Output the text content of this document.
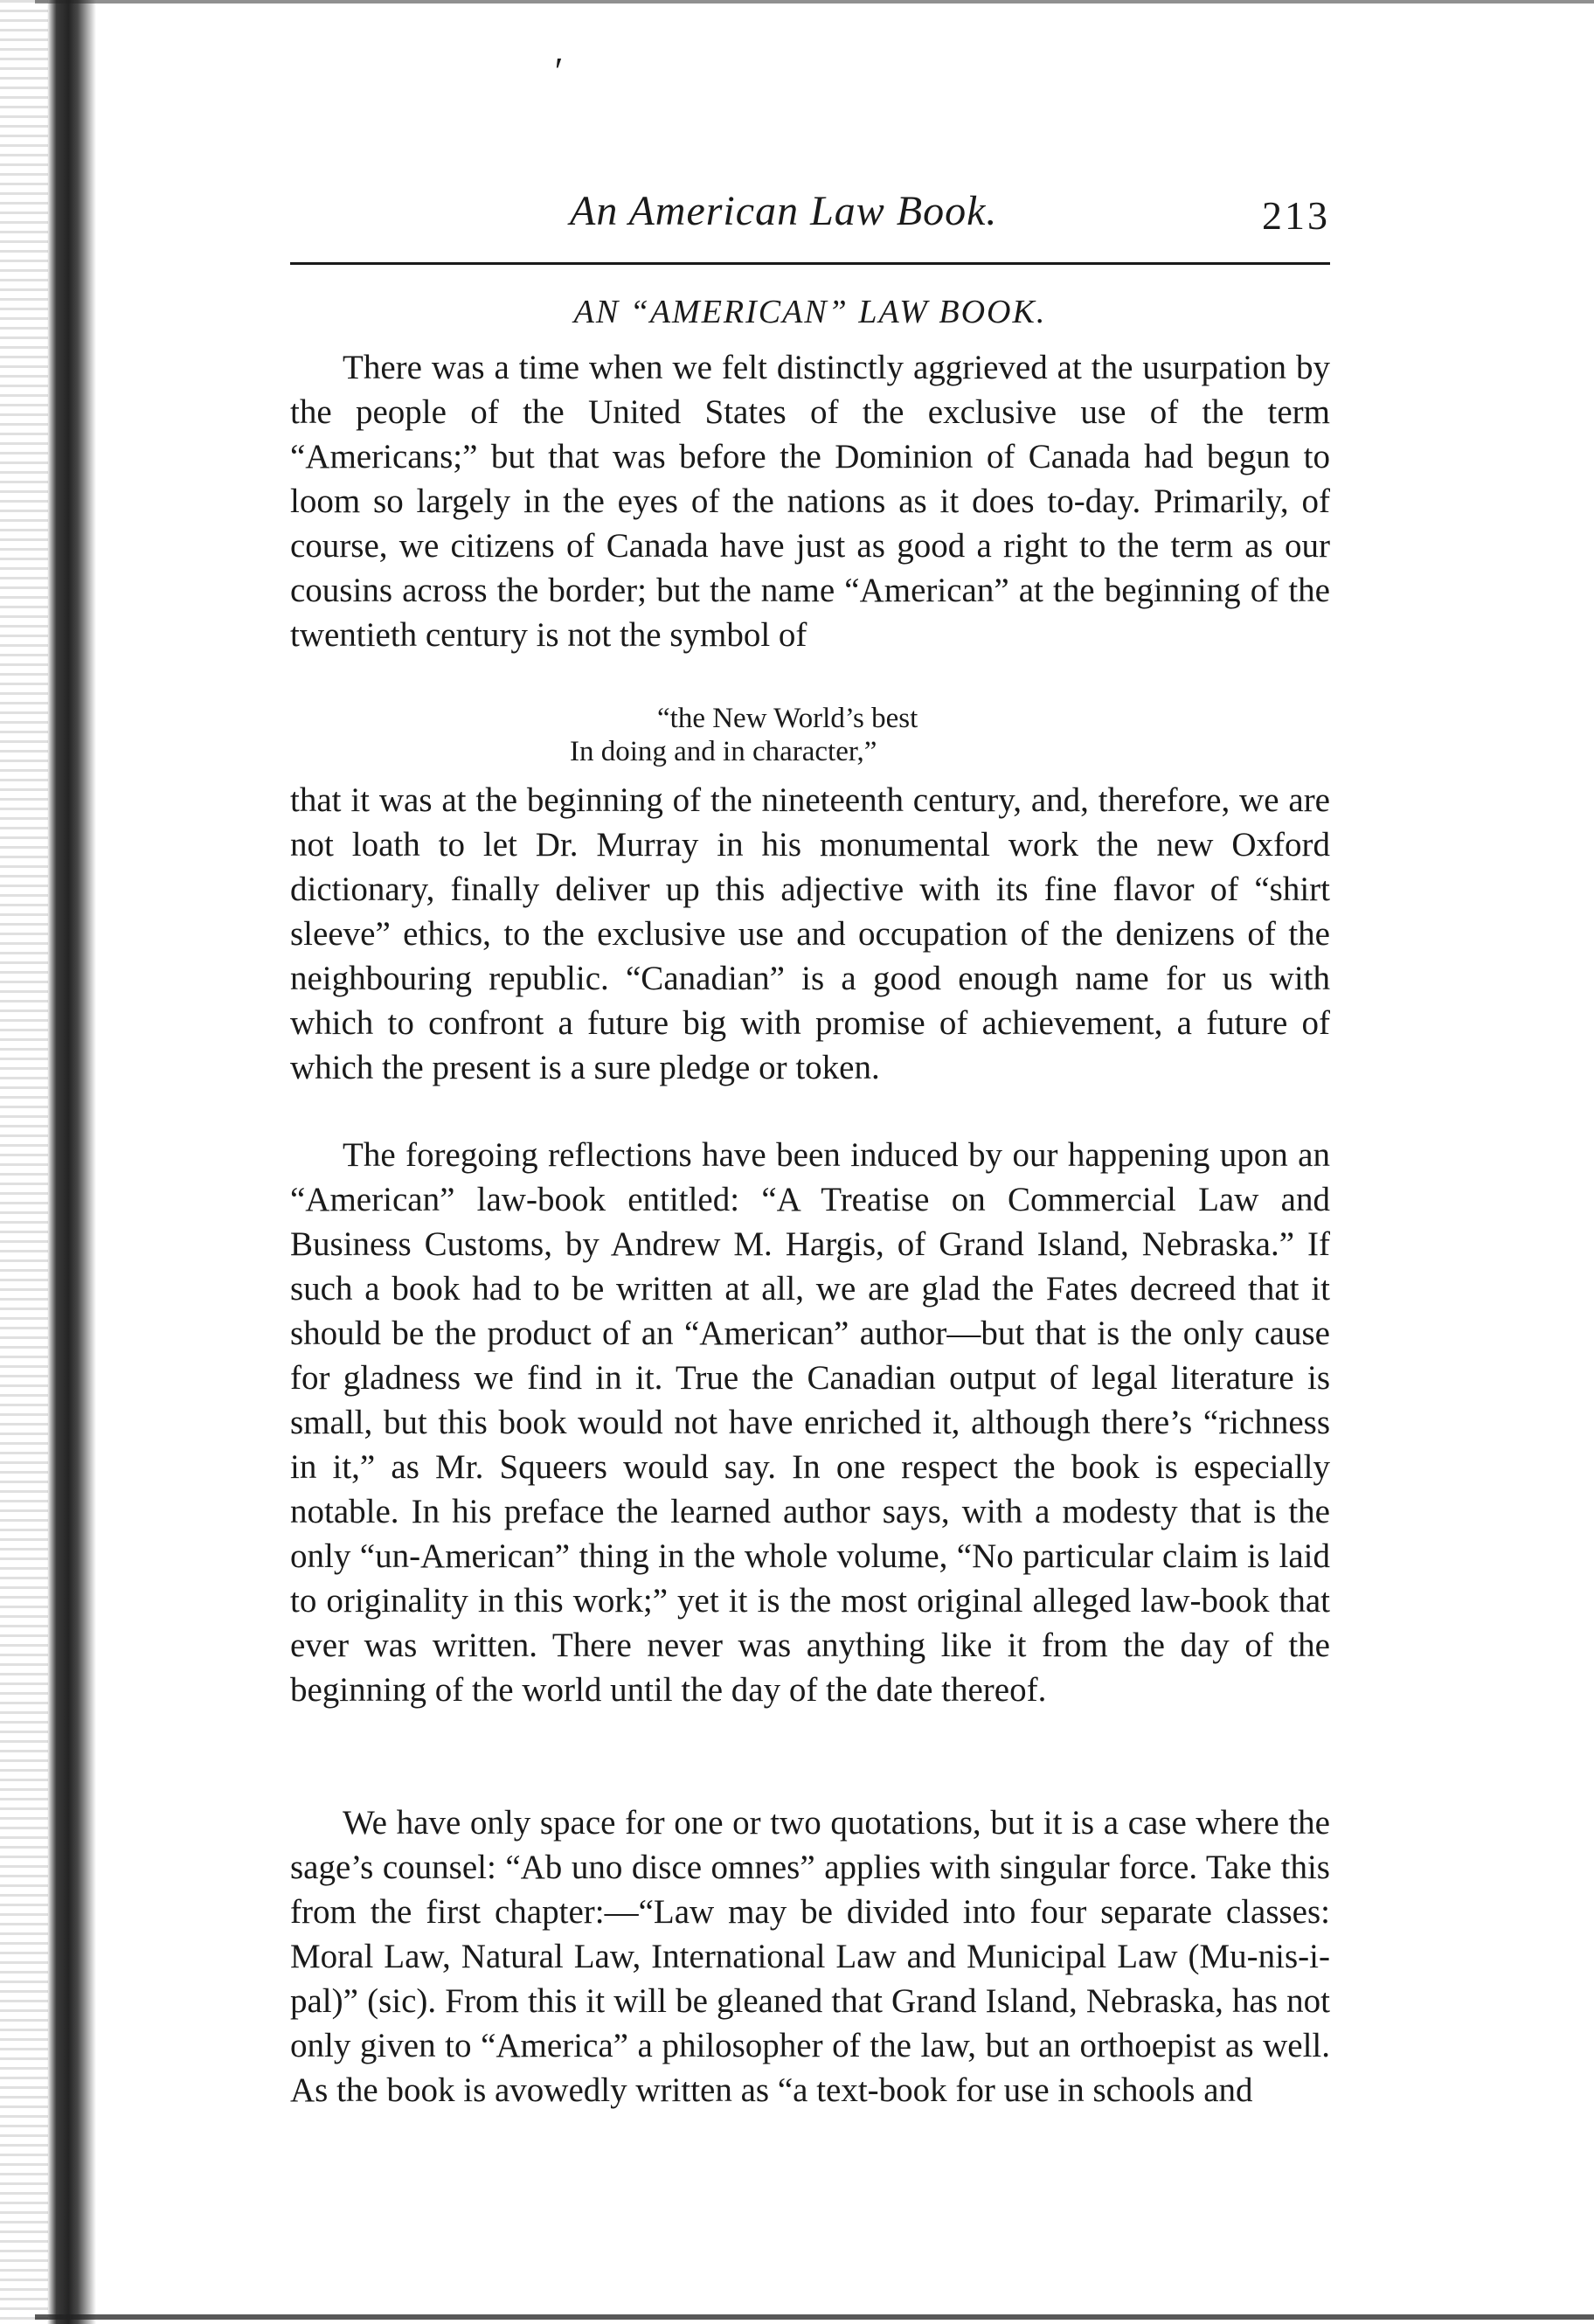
′
An American Law Book.	213
AN “AMERICAN” LAW BOOK.

There was a time when we felt distinctly aggrieved at the usurpation by the people of the United States of the exclusive use of the term “Americans;” but that was before the Dominion of Canada had begun to loom so largely in the eyes of the nations as it does to-day. Primarily, of course, we citizens of Canada have just as good a right to the term as our cousins across the border; but the name “American” at the beginning of the twentieth century is not the symbol of

“the New World’s best
In doing and in character,”

that it was at the beginning of the nineteenth century, and, therefore, we are not loath to let Dr. Murray in his monumental work the new Oxford dictionary, finally deliver up this adjective with its fine flavor of “shirt sleeve” ethics, to the exclusive use and occupation of the denizens of the neighbouring republic. “Canadian” is a good enough name for us with which to confront a future big with promise of achievement, a future of which the present is a sure pledge or token.

The foregoing reflections have been induced by our happening upon an “American” law-book entitled: “A Treatise on Commercial Law and Business Customs, by Andrew M. Hargis, of Grand Island, Nebraska.” If such a book had to be written at all, we are glad the Fates decreed that it should be the product of an “American” author—but that is the only cause for gladness we find in it. True the Canadian output of legal literature is small, but this book would not have enriched it, although there’s “richness in it,” as Mr. Squeers would say. In one respect the book is especially notable. In his preface the learned author says, with a modesty that is the only “un-American” thing in the whole volume, “No particular claim is laid to originality in this work;” yet it is the most original alleged law-book that ever was written. There never was anything like it from the day of the beginning of the world until the day of the date thereof.

We have only space for one or two quotations, but it is a case where the sage’s counsel: “Ab uno disce omnes” applies with singular force. Take this from the first chapter:—“Law may be divided into four separate classes: Moral Law, Natural Law, International Law and Municipal Law (Mu-nis-i-pal)” (sic). From this it will be gleaned that Grand Island, Nebraska, has not only given to “America” a philosopher of the law, but an orthoepist as well. As the book is avowedly written as “a text-book for use in schools and
